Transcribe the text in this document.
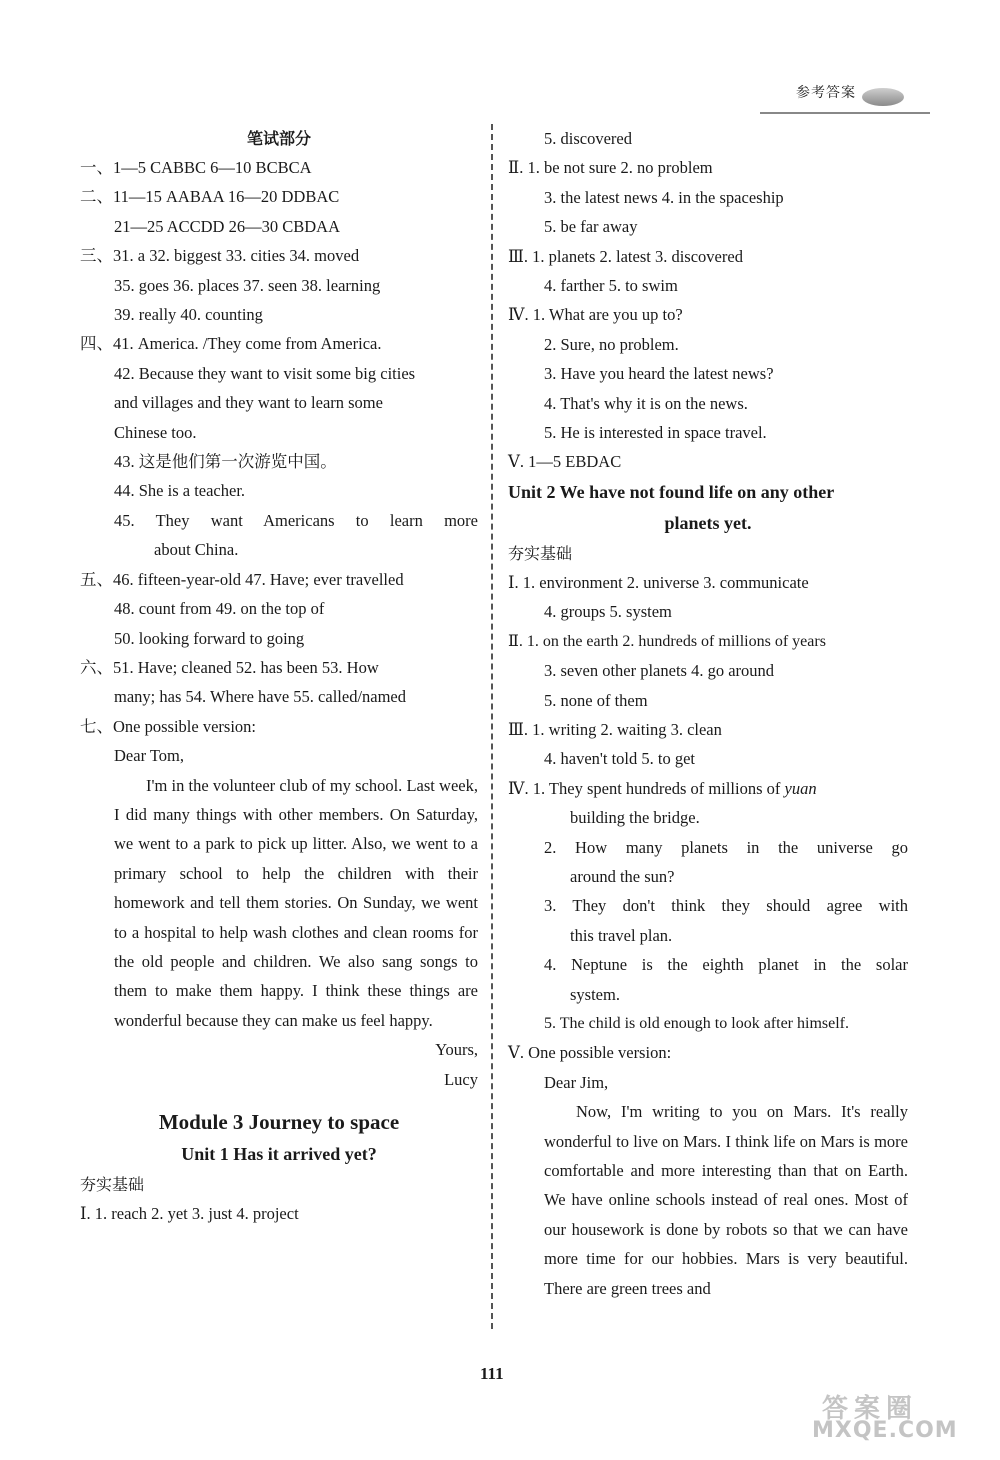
参考答案
笔试部分
一、1—5 CABBC 6—10 BCBCA
二、11—15 AABAA 16—20 DDBAC
21—25 ACCDD 26—30 CBDAA
三、31. a 32. biggest 33. cities 34. moved
35. goes 36. places 37. seen 38. learning
39. really 40. counting
四、41. America. /They come from America.
42. Because they want to visit some big cities
and villages and they want to learn some
Chinese too.
43. 这是他们第一次游览中国。
44. She is a teacher.
45. They want Americans to learn more
about China.
五、46. fifteen-year-old 47. Have; ever travelled
48. count from 49. on the top of
50. looking forward to going
六、51. Have; cleaned 52. has been 53. How
many; has 54. Where have 55. called/named
七、One possible version:
Dear Tom,
I'm in the volunteer club of my school. Last week, I did many things with other members. On Saturday, we went to a park to pick up litter. Also, we went to a primary school to help the children with their homework and tell them stories. On Sunday, we went to a hospital to help wash clothes and clean rooms for the old people and children. We also sang songs to them to make them happy. I think these things are wonderful because they can make us feel happy.
Yours,
Lucy
Module 3 Journey to space
Unit 1 Has it arrived yet?
夯实基础
Ⅰ. 1. reach 2. yet 3. just 4. project
5. discovered
Ⅱ. 1. be not sure 2. no problem
3. the latest news 4. in the spaceship
5. be far away
Ⅲ. 1. planets 2. latest 3. discovered
4. farther 5. to swim
Ⅳ. 1. What are you up to?
2. Sure, no problem.
3. Have you heard the latest news?
4. That's why it is on the news.
5. He is interested in space travel.
Ⅴ. 1—5 EBDAC
Unit 2 We have not found life on any other
planets yet.
夯实基础
Ⅰ. 1. environment 2. universe 3. communicate
4. groups 5. system
Ⅱ. 1. on the earth 2. hundreds of millions of years
3. seven other planets 4. go around
5. none of them
Ⅲ. 1. writing 2. waiting 3. clean
4. haven't told 5. to get
Ⅳ. 1. They spent hundreds of millions of yuan
building the bridge.
2. How many planets in the universe go
around the sun?
3. They don't think they should agree with
this travel plan.
4. Neptune is the eighth planet in the solar
system.
5. The child is old enough to look after himself.
Ⅴ. One possible version:
Dear Jim,
Now, I'm writing to you on Mars. It's really wonderful to live on Mars. I think life on Mars is more comfortable and more interesting than that on Earth. We have online schools instead of real ones. Most of our housework is done by robots so that we can have more time for our hobbies. Mars is very beautiful. There are green trees and
111
答案圈
MXQE.COM
